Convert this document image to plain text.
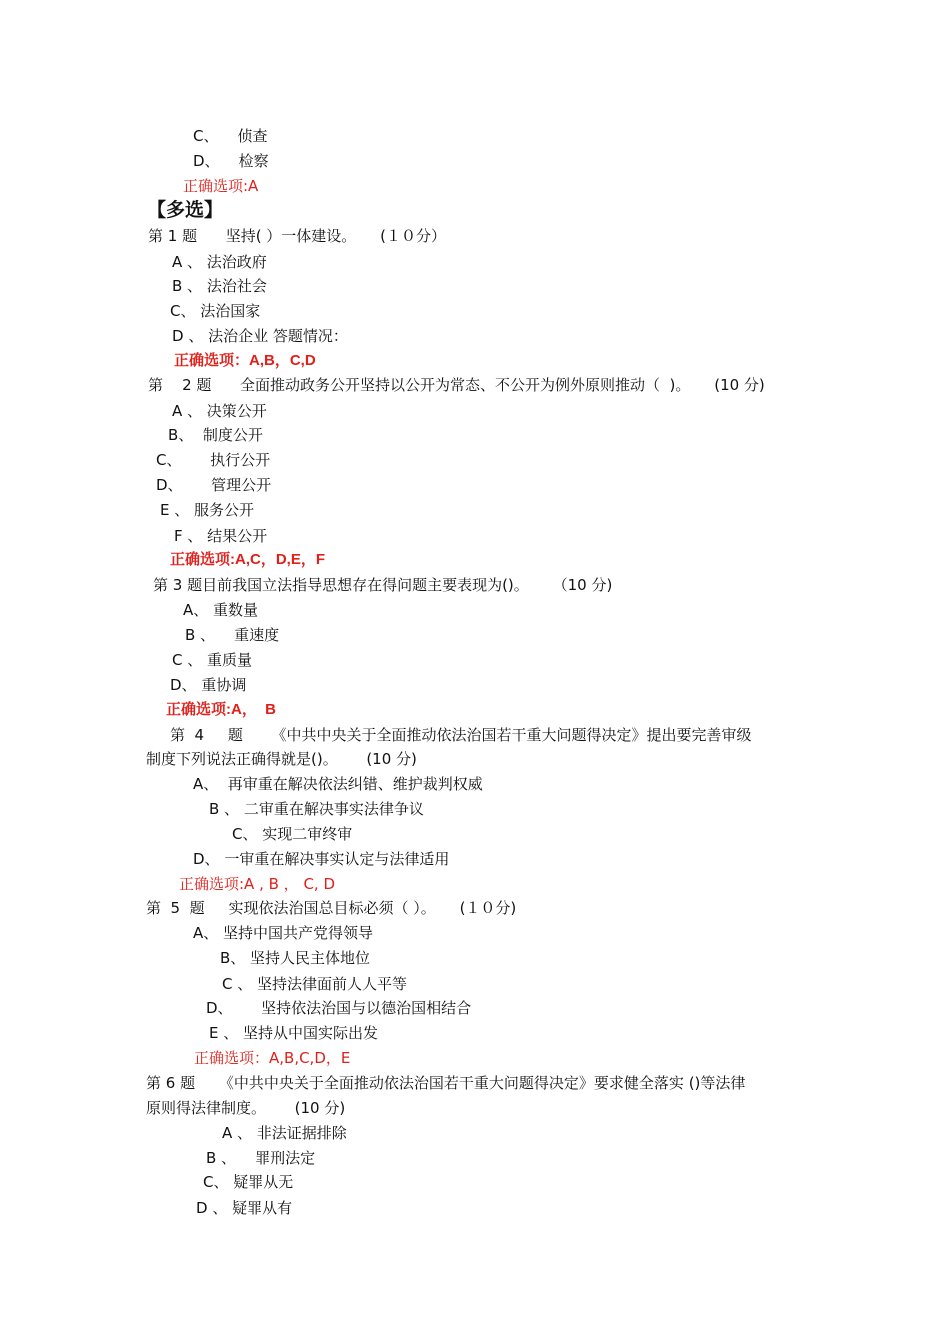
C、    侦查
D、    检察
正确选项:A
【多选】
第 1 题      坚持( ）一体建设。     (１０分）
A 、 法治政府
B 、 法治社会
C、 法治国家
D 、 法治企业 答题情况：
正确选项：A,B，C,D
第    2 题      全面推动政务公开坚持以公开为常态、不公开为例外原则推动（  )。     (10 分)
A 、 决策公开
B、  制度公开
C、      执行公开
D、      管理公开
E 、 服务公开
F 、 结果公开
正确选项:A,C，D,E，F
第 3 题目前我国立法指导思想存在得问题主要表现为()。     （10 分)
A、 重数量
B 、    重速度
C 、 重质量
D、 重协调
正确选项:A，  B
第  4     题      《中共中央关于全面推动依法治国若干重大问题得决定》提出要完善审级
制度下列说法正确得就是()。      (10 分)
A、  再审重在解决依法纠错、维护裁判权威
B 、 二审重在解决事实法律争议
C、 实现二审终审
D、 一审重在解决事实认定与法律适用
正确选项:A , B ， C, D
第  5  题     实现依法治国总目标必须（ ）。     (１０分)
A、 坚持中国共产党得领导
B、 坚持人民主体地位
C 、 坚持法律面前人人平等
D、      坚持依法治国与以德治国相结合
E 、 坚持从中国实际出发
正确选项：A,B,C,D，E
第 6 题     《中共中央关于全面推动依法治国若干重大问题得决定》要求健全落实 ()等法律
原则得法律制度。      (10 分)
A 、 非法证据排除
B 、    罪刑法定
C、 疑罪从无
D 、 疑罪从有
